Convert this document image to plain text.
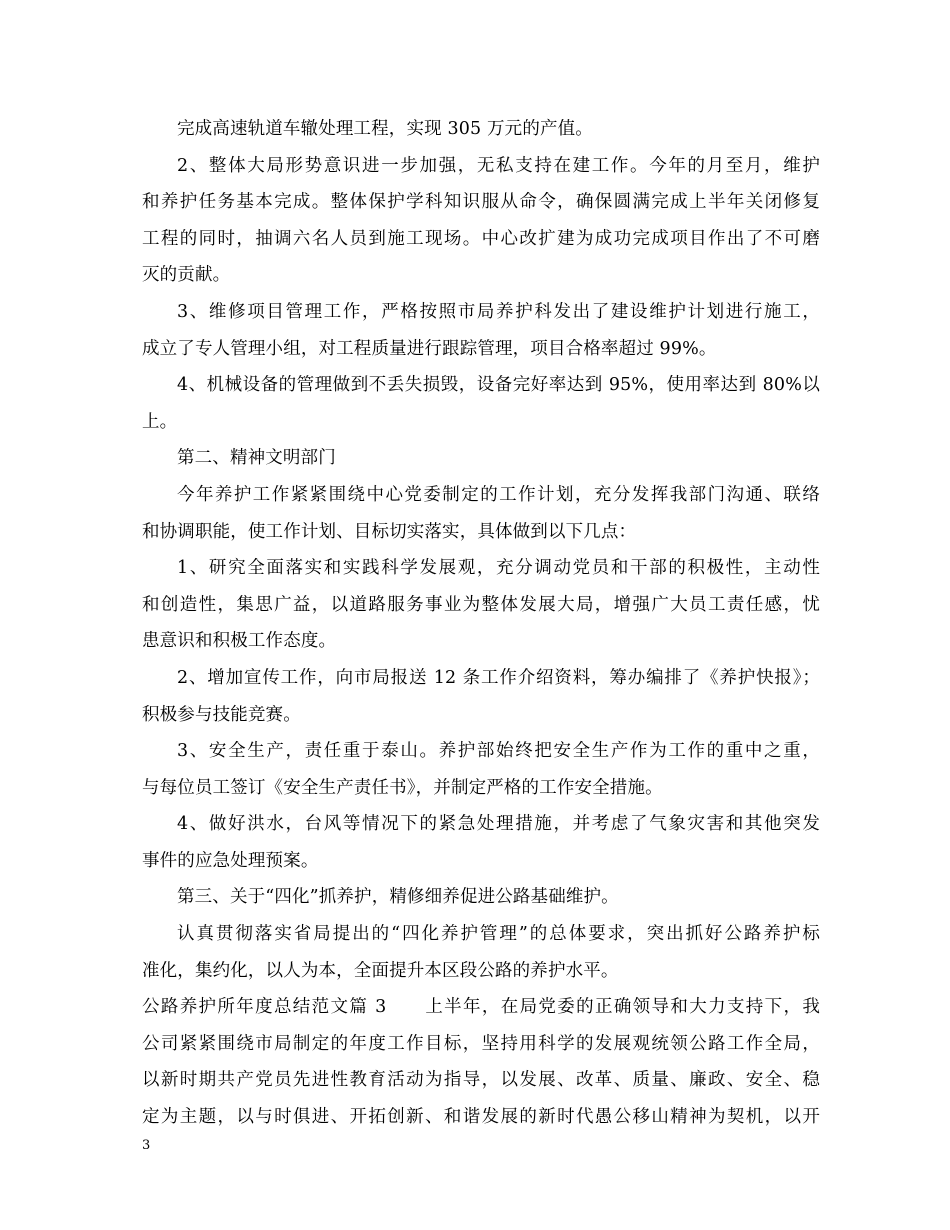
完成高速轨道车辙处理工程，实现 305 万元的产值。
2、整体大局形势意识进一步加强，无私支持在建工作。今年的月至月，维护
和养护任务基本完成。整体保护学科知识服从命令，确保圆满完成上半年关闭修复
工程的同时，抽调六名人员到施工现场。中心改扩建为成功完成项目作出了不可磨
灭的贡献。
3、维修项目管理工作，严格按照市局养护科发出了建设维护计划进行施工，
成立了专人管理小组，对工程质量进行跟踪管理，项目合格率超过 99%。
4、机械设备的管理做到不丢失损毁，设备完好率达到 95%，使用率达到 80%以
上。
第二、精神文明部门
今年养护工作紧紧围绕中心党委制定的工作计划，充分发挥我部门沟通、联络
和协调职能，使工作计划、目标切实落实，具体做到以下几点：
1、研究全面落实和实践科学发展观，充分调动党员和干部的积极性，主动性
和创造性，集思广益，以道路服务事业为整体发展大局，增强广大员工责任感，忧
患意识和积极工作态度。
2、增加宣传工作，向市局报送 12 条工作介绍资料，筹办编排了《养护快报》；
积极参与技能竞赛。
3、安全生产，责任重于泰山。养护部始终把安全生产作为工作的重中之重，
与每位员工签订《安全生产责任书》，并制定严格的工作安全措施。
4、做好洪水，台风等情况下的紧急处理措施，并考虑了气象灾害和其他突发
事件的应急处理预案。
第三、关于“四化”抓养护，精修细养促进公路基础维护。
认真贯彻落实省局提出的“四化养护管理”的总体要求，突出抓好公路养护标
准化，集约化，以人为本，全面提升本区段公路的养护水平。
公路养护所年度总结范文篇 3　　上半年，在局党委的正确领导和大力支持下，我
公司紧紧围绕市局制定的年度工作目标，坚持用科学的发展观统领公路工作全局，
以新时期共产党员先进性教育活动为指导，以发展、改革、质量、廉政、安全、稳
定为主题，以与时俱进、开拓创新、和谐发展的新时代愚公移山精神为契机，以开
3
